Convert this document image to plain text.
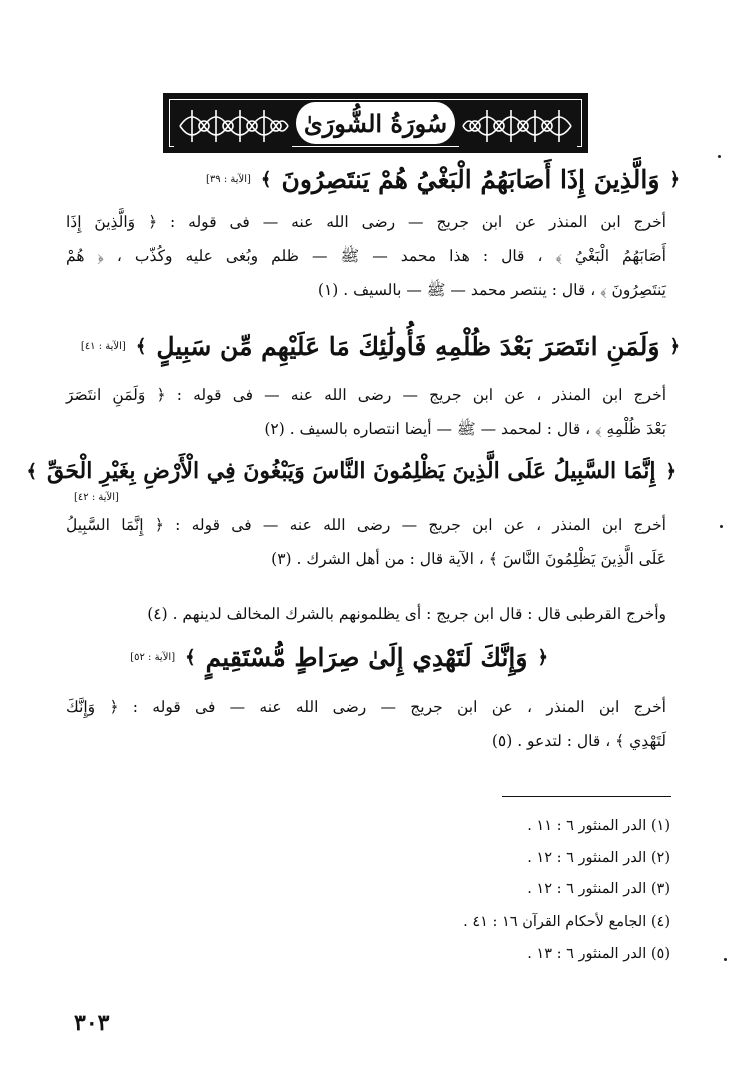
سُورَةُ الشُّورَىٰ
﴿
وَالَّذِينَ إِذَا أَصَابَهُمُ الْبَغْيُ هُمْ يَنتَصِرُونَ
﴾
[الآية : ٣٩]
أخرج ابن المنذر عن ابن جريج — رضى الله عنه — فى قوله : ﴿ وَالَّذِينَ إِذَا
أَصَابَهُمُ الْبَغْيُ ﴾ ، قال : هذا محمد — ﷺ — ظلم وبُغى عليه وكُذّب ، ﴿ هُمْ
يَنتَصِرُونَ ﴾ ، قال : ينتصر محمد — ﷺ — بالسيف . (١)
﴿
وَلَمَنِ انتَصَرَ بَعْدَ ظُلْمِهِ فَأُولَٰئِكَ مَا عَلَيْهِم مِّن سَبِيلٍ
﴾
[الآية : ٤١]
أخرج ابن المنذر ، عن ابن جريج — رضى الله عنه — فى قوله : ﴿ وَلَمَنِ انتَصَرَ
بَعْدَ ظُلْمِهِ ﴾ ، قال : لمحمد — ﷺ — أيضا انتصاره بالسيف . (٢)
﴿
إِنَّمَا السَّبِيلُ عَلَى الَّذِينَ يَظْلِمُونَ النَّاسَ وَيَبْغُونَ فِي الْأَرْضِ بِغَيْرِ الْحَقِّ
﴾
[الآية : ٤٢]
أخرج ابن المنذر ، عن ابن جريج — رضى الله عنه — فى قوله : ﴿ إِنَّمَا السَّبِيلُ
عَلَى الَّذِينَ يَظْلِمُونَ النَّاسَ ﴾ ، الآية قال : من أهل الشرك . (٣)
وأخرج القرطبى قال : قال ابن جريج : أى يظلمونهم بالشرك المخالف لدينهم . (٤)
﴿
وَإِنَّكَ لَتَهْدِي إِلَىٰ صِرَاطٍ مُّسْتَقِيمٍ
﴾
[الآية : ٥٢]
أخرج ابن المنذر ، عن ابن جريج — رضى الله عنه — فى قوله : ﴿ وَإِنَّكَ
لَتَهْدِي ﴾ ، قال : لتدعو . (٥)
(١) الدر المنثور ٦ : ١١ .
(٢) الدر المنثور ٦ : ١٢ .
(٣) الدر المنثور ٦ : ١٢ .
(٤) الجامع لأحكام القرآن ١٦ : ٤١ .
(٥) الدر المنثور ٦ : ١٣ .
٣٠٣
